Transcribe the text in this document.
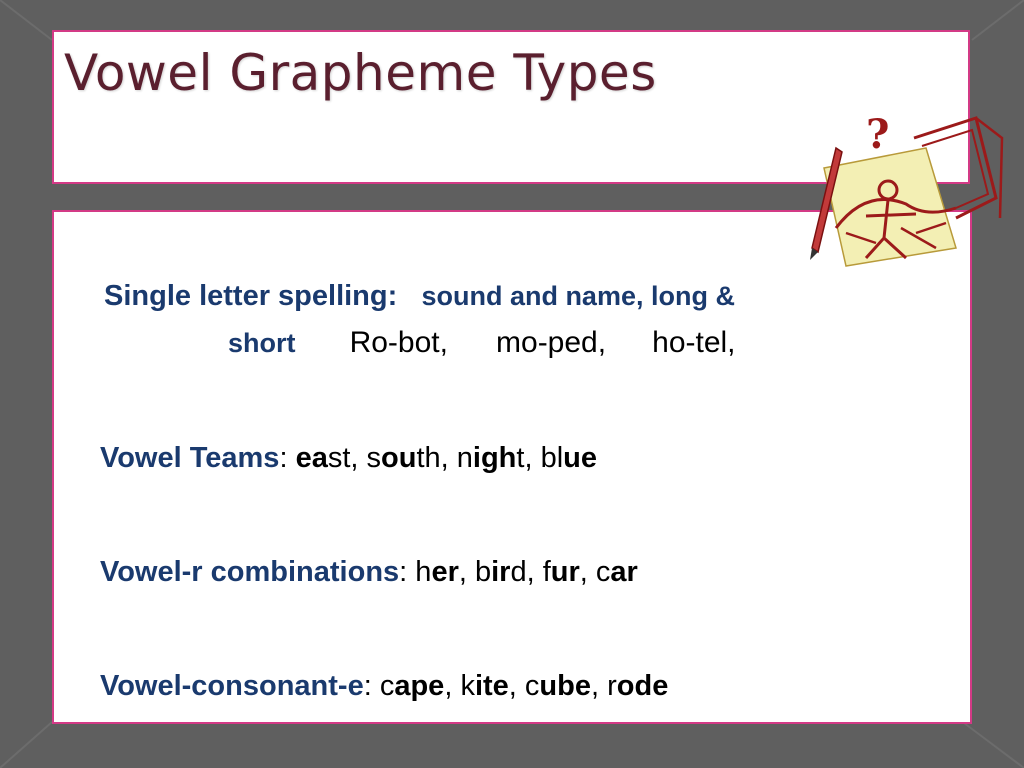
Vowel Grapheme Types
?
Single letter spelling: sound and name, long &
short Ro-bot, mo-ped, ho-tel,
Vowel Teams: east, south, night, blue
Vowel-r combinations: her, bird, fur, car
Vowel-consonant-e: cape, kite, cube, rode
